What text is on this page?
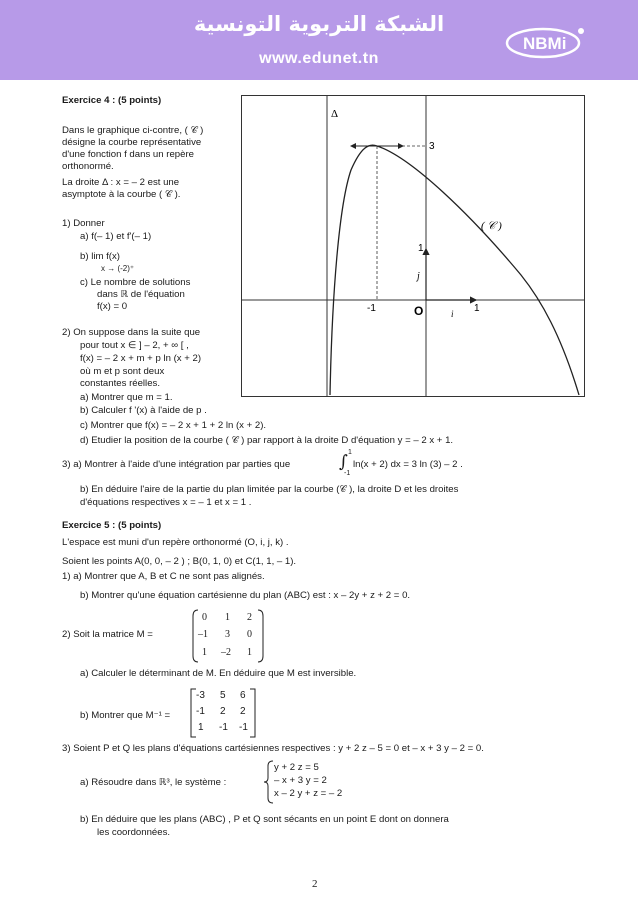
الشبكة التربوية التونسية
www.edunet.tn
NBMi
Exercice 4 : (5 points)
Dans le graphique ci-contre, ( 𝒞 )
désigne la courbe représentative
d'une fonction f dans un repère
orthonormé.
La droite Δ : x = – 2 est une
asymptote à la courbe ( 𝒞 ).
1) Donner
a) f(– 1) et f'(– 1)
b) lim f(x)
x → (-2)⁺
c) Le nombre de solutions
dans ℝ de l'équation
f(x) = 0
2) On suppose dans la suite que
pour tout x ∈ ] – 2, + ∞ [ ,
f(x) = – 2 x + m + p ln (x + 2)
où m et p sont deux
constantes réelles.
a) Montrer que m = 1.
b) Calculer f '(x) à l'aide de p .
c) Montrer que f(x) = – 2 x + 1 + 2 ln (x + 2).
d) Etudier la position de la courbe ( 𝒞 ) par rapport à la droite D d'équation y = – 2 x + 1.
3) a) Montrer à l'aide d'une intégration par parties que	∫ 1
-1
ln(x + 2) dx = 3 ln (3) – 2 .
b) En déduire l'aire de la partie du plan limitée par la courbe (𝒞 ), la droite D et les droites
d'équations respectives x = – 1 et x = 1 .
Δ
3
1
-1	O	1
i
j
( 𝒞 )
Exercice 5 : (5 points)
L'espace est muni d'un repère orthonormé (O, i, j, k) .
Soient les points A(0, 0, – 2 ) ; B(0, 1, 0) et C(1, 1, – 1).
1) a) Montrer que A, B et C ne sont pas alignés.
b) Montrer qu'une équation cartésienne du plan (ABC) est : x – 2y + z + 2 = 0.
2) Soit la matrice M =
0 1 2
–1 3 0
1 –2 1
a) Calculer le déterminant de M. En déduire que M est inversible.
b) Montrer que M⁻¹ =
-3 5 6
-1 2 2
1 -1 -1
3) Soient P et Q les plans d'équations cartésiennes respectives : y + 2 z – 5 = 0 et – x + 3 y – 2 = 0.
a) Résoudre dans ℝ³, le système :
y + 2 z = 5
– x + 3 y = 2
x – 2 y + z = – 2
b) En déduire que les plans (ABC) , P et Q sont sécants en un point E dont on donnera
les coordonnées.
2
